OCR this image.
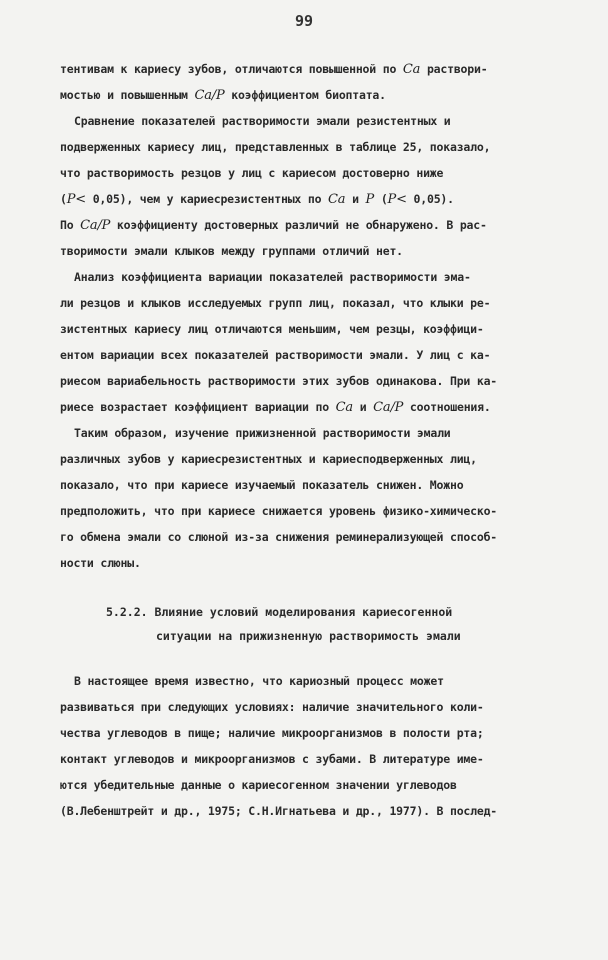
99
тентивам к кариесу зубов, отличаются повышенной по Ca раствори-
мостью и повышенным Ca/P коэффициентом биоптата.
Сравнение показателей растворимости эмали резистентных и
подверженных кариесу лиц, представленных в таблице 25, показало,
что растворимость резцов у лиц с кариесом достоверно ниже
(P< 0,05), чем у кариесрезистентных по Ca и P (P< 0,05).
По Ca/P коэффициенту достоверных различий не обнаружено. В рас-
творимости эмали клыков между группами отличий нет.
Анализ коэффициента вариации показателей растворимости эма-
ли резцов и клыков исследуемых групп лиц, показал, что клыки ре-
зистентных кариесу лиц отличаются меньшим, чем резцы, коэффици-
ентом вариации всех показателей растворимости эмали. У лиц с ка-
риесом вариабельность растворимости этих зубов одинакова. При ка-
риесе возрастает коэффициент вариации по Ca и Ca/P соотношения.
Таким образом, изучение прижизненной растворимости эмали
различных зубов у кариесрезистентных и кариесподверженных лиц,
показало, что при кариесе изучаемый показатель снижен. Можно
предположить, что при кариесе снижается уровень физико-химическо-
го обмена эмали со слюной из-за снижения реминерализующей способ-
ности слюны.
5.2.2. Влияние условий моделирования кариесогенной
ситуации на прижизненную растворимость эмали
В настоящее время известно, что кариозный процесс может
развиваться при следующих условиях: наличие значительного коли-
чества углеводов в пище; наличие микроорганизмов в полости рта;
контакт углеводов и микроорганизмов с зубами. В литературе име-
ются убедительные данные о кариесогенном значении углеводов
(В.Лебенштрейт и др., 1975; С.Н.Игнатьева и др., 1977). В послед-
